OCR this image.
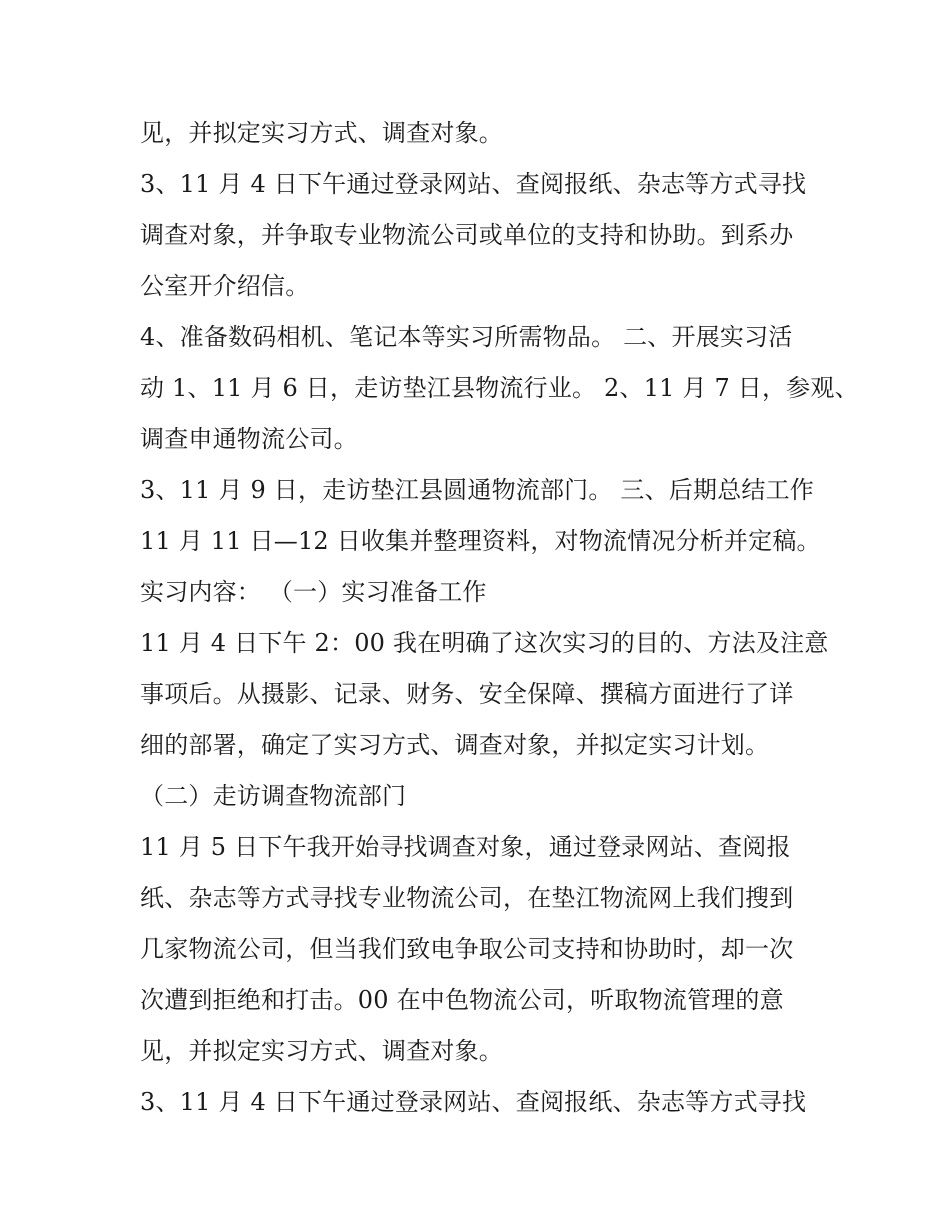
见，并拟定实习方式、调查对象。
3、11 月 4 日下午通过登录网站、查阅报纸、杂志等方式寻找
调查对象，并争取专业物流公司或单位的支持和协助。到系办
公室开介绍信。
4、准备数码相机、笔记本等实习所需物品。 二、开展实习活
动 1、11 月 6 日，走访垫江县物流行业。 2、11 月 7 日，参观、
调查申通物流公司。
3、11 月 9 日，走访垫江县圆通物流部门。 三、后期总结工作
11 月 11 日—12 日收集并整理资料，对物流情况分析并定稿。
实习内容： （一）实习准备工作
11 月 4 日下午 2：00 我在明确了这次实习的目的、方法及注意
事项后。从摄影、记录、财务、安全保障、撰稿方面进行了详
细的部署，确定了实习方式、调查对象，并拟定实习计划。
（二）走访调查物流部门
11 月 5 日下午我开始寻找调查对象，通过登录网站、查阅报
纸、杂志等方式寻找专业物流公司，在垫江物流网上我们搜到
几家物流公司，但当我们致电争取公司支持和协助时，却一次
次遭到拒绝和打击。00 在中色物流公司，听取物流管理的意
见，并拟定实习方式、调查对象。
3、11 月 4 日下午通过登录网站、查阅报纸、杂志等方式寻找
